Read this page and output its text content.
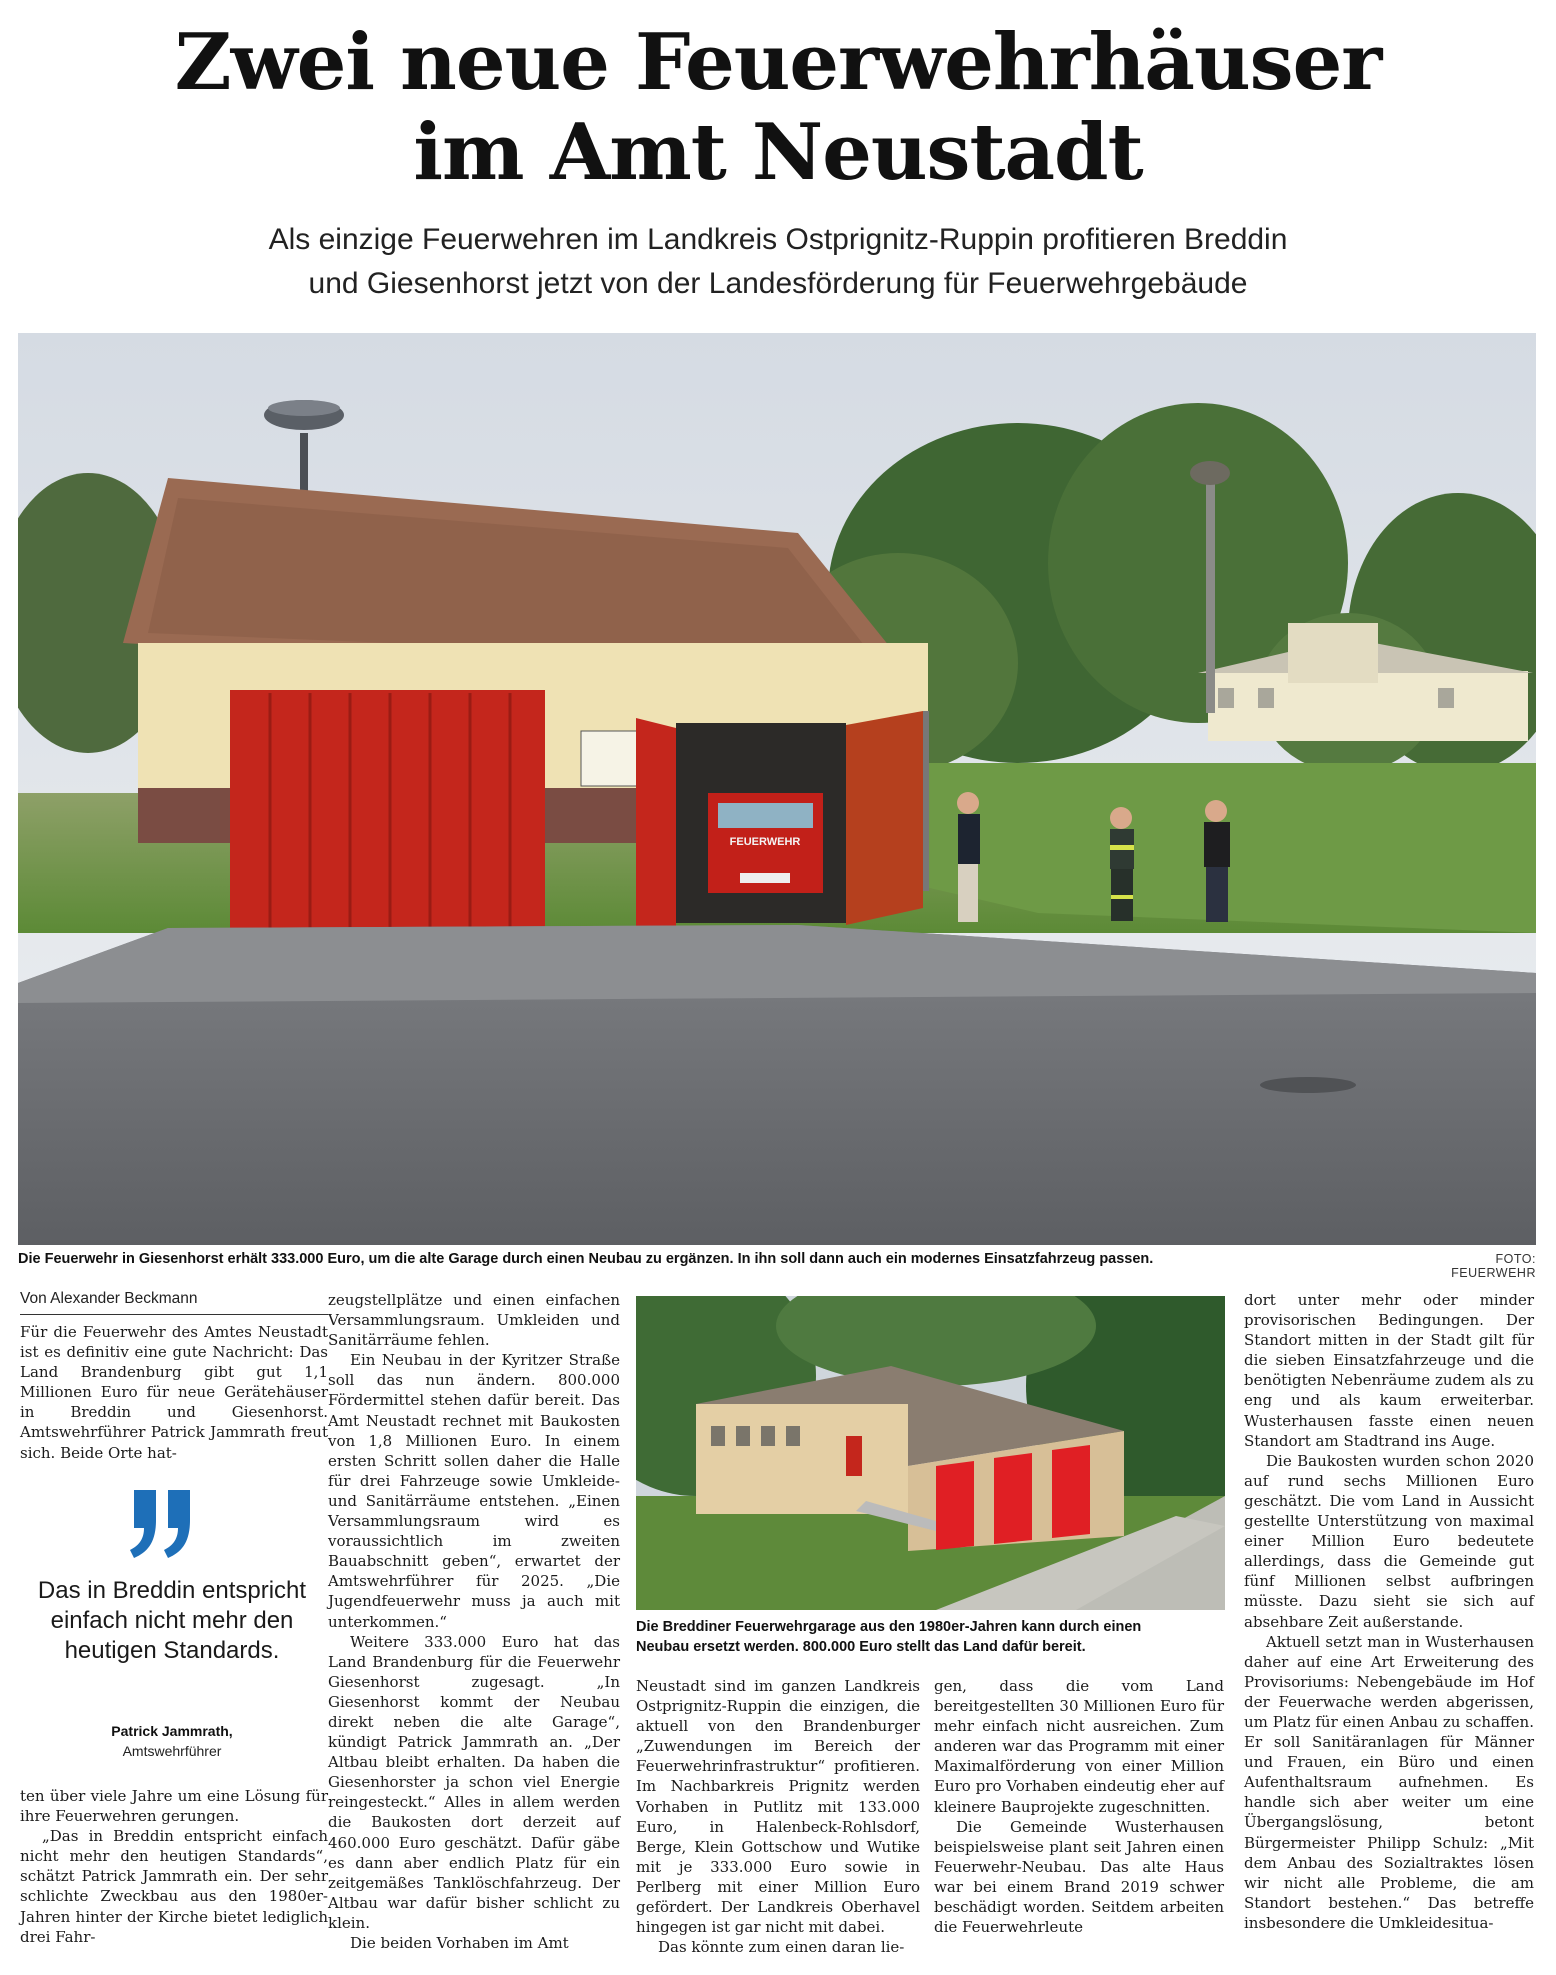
Zwei neue Feuerwehrhäuser
im Amt Neustadt
Als einzige Feuerwehren im Landkreis Ostprignitz-Ruppin profitieren Breddin
und Giesenhorst jetzt von der Landesförderung für Feuerwehrgebäude
FEUERWEHR
Die Feuerwehr in Giesenhorst erhält 333.000 Euro, um die alte Garage durch einen Neubau zu ergänzen. In ihn soll dann auch ein modernes Einsatzfahrzeug passen.	FOTO: FEUERWEHR
Von Alexander Beckmann

Für die Feuerwehr des Amtes Neustadt ist es definitiv eine gute Nachricht: Das Land Brandenburg gibt gut 1,1 Millionen Euro für neue Gerätehäuser in Breddin und Giesenhorst. Amtswehrführer Patrick Jammrath freut sich. Beide Orte hat-

Das in Breddin entspricht einfach nicht mehr den heutigen Standards.
Patrick Jammrath,
Amtswehrführer

ten über viele Jahre um eine Lösung für ihre Feuerwehren gerungen.

„Das in Breddin entspricht einfach nicht mehr den heutigen Standards“, schätzt Patrick Jammrath ein. Der sehr schlichte Zweckbau aus den 1980er-Jahren hinter der Kirche bietet lediglich drei Fahr-

zeugstellplätze und einen einfachen Versammlungsraum. Umkleiden und Sanitärräume fehlen.

Ein Neubau in der Kyritzer Straße soll das nun ändern. 800.000 Fördermittel stehen dafür bereit. Das Amt Neustadt rechnet mit Baukosten von 1,8 Millionen Euro. In einem ersten Schritt sollen daher die Halle für drei Fahrzeuge sowie Umkleide- und Sanitärräume entstehen. „Einen Versammlungsraum wird es voraussichtlich im zweiten Bauabschnitt geben“, erwartet der Amtswehrführer für 2025. „Die Jugendfeuerwehr muss ja auch mit unterkommen.“

Weitere 333.000 Euro hat das Land Brandenburg für die Feuerwehr Giesenhorst zugesagt. „In Giesenhorst kommt der Neubau direkt neben die alte Garage“, kündigt Patrick Jammrath an. „Der Altbau bleibt erhalten. Da haben die Giesenhorster ja schon viel Energie reingesteckt.“ Alles in allem werden die Baukosten dort derzeit auf 460.000 Euro geschätzt. Dafür gäbe es dann aber endlich Platz für ein zeitgemäßes Tanklöschfahrzeug. Der Altbau war dafür bisher schlicht zu klein.

Die beiden Vorhaben im Amt

Die Breddiner Feuerwehrgarage aus den 1980er-Jahren kann durch einen
Neubau ersetzt werden. 800.000 Euro stellt das Land dafür bereit.

Neustadt sind im ganzen Landkreis Ostprignitz-Ruppin die einzigen, die aktuell von den Brandenburger „Zuwendungen im Bereich der Feuerwehrinfrastruktur“ profitieren. Im Nachbarkreis Prignitz werden Vorhaben in Putlitz mit 133.000 Euro, in Halenbeck-Rohlsdorf, Berge, Klein Gottschow und Wutike mit je 333.000 Euro sowie in Perlberg mit einer Million Euro gefördert. Der Landkreis Oberhavel hingegen ist gar nicht mit dabei.

Das könnte zum einen daran lie-

gen, dass die vom Land bereitgestellten 30 Millionen Euro für mehr einfach nicht ausreichen. Zum anderen war das Programm mit einer Maximalförderung von einer Million Euro pro Vorhaben eindeutig eher auf kleinere Bauprojekte zugeschnitten.

Die Gemeinde Wusterhausen beispielsweise plant seit Jahren einen Feuerwehr-Neubau. Das alte Haus war bei einem Brand 2019 schwer beschädigt worden. Seitdem arbeiten die Feuerwehrleute

dort unter mehr oder minder provisorischen Bedingungen. Der Standort mitten in der Stadt gilt für die sieben Einsatzfahrzeuge und die benötigten Nebenräume zudem als zu eng und als kaum erweiterbar. Wusterhausen fasste einen neuen Standort am Stadtrand ins Auge.

Die Baukosten wurden schon 2020 auf rund sechs Millionen Euro geschätzt. Die vom Land in Aussicht gestellte Unterstützung von maximal einer Million Euro bedeutete allerdings, dass die Gemeinde gut fünf Millionen selbst aufbringen müsste. Dazu sieht sie sich auf absehbare Zeit außerstande.

Aktuell setzt man in Wusterhausen daher auf eine Art Erweiterung des Provisoriums: Nebengebäude im Hof der Feuerwache werden abgerissen, um Platz für einen Anbau zu schaffen. Er soll Sanitäranlagen für Männer und Frauen, ein Büro und einen Aufenthaltsraum aufnehmen. Es handle sich aber weiter um eine Übergangslösung, betont Bürgermeister Philipp Schulz: „Mit dem Anbau des Sozialtraktes lösen wir nicht alle Probleme, die am Standort bestehen.“ Das betreffe insbesondere die Umkleidesitua-
